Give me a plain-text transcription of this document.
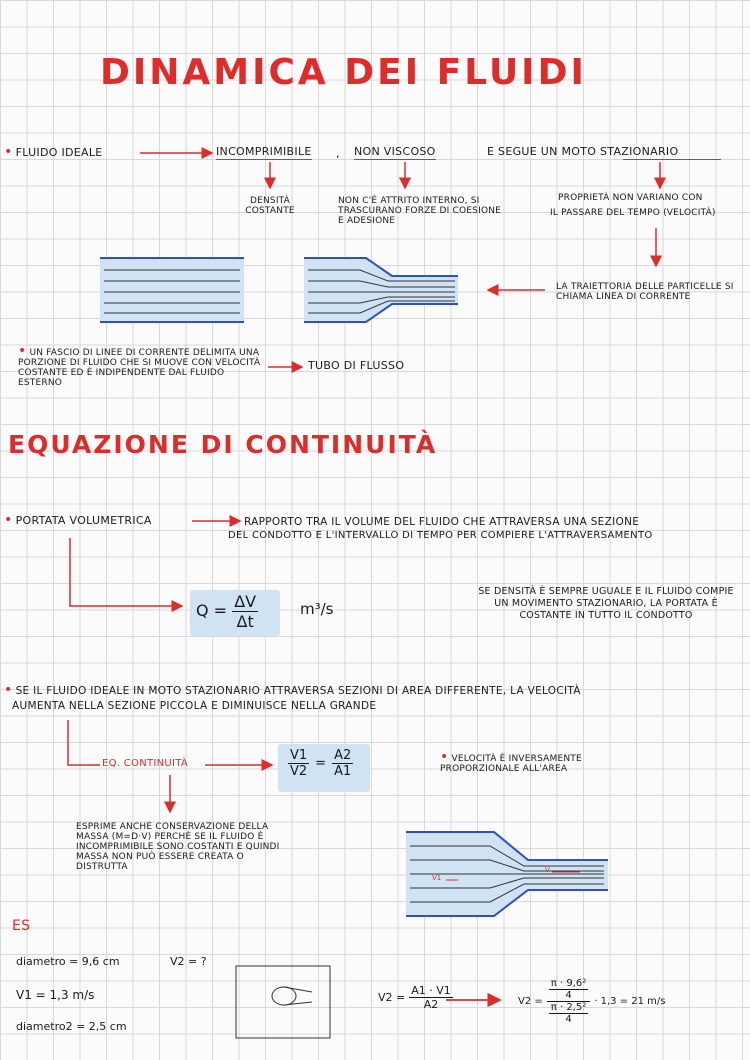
DINAMICA DEI FLUIDI
• FLUIDO IDEALE	INCOMPRIMIBILE , NON VISCOSO	E SEGUE UN MOTO STAZIONARIO
DENSITÀ COSTANTE
NON C'È ATTRITO INTERNO, SI TRASCURANO FORZE DI COESIONE E ADESIONE
PROPRIETÀ NON VARIANO CON
IL PASSARE DEL TEMPO (VELOCITÀ)
LA TRAIETTORIA DELLE PARTICELLE SI CHIAMA LINEA DI CORRENTE
• UN FASCIO DI LINEE DI CORRENTE DELIMITA UNA PORZIONE DI FLUIDO CHE SI MUOVE CON VELOCITÀ COSTANTE ED È INDIPENDENTE DAL FLUIDO ESTERNO
TUBO DI FLUSSO
EQUAZIONE DI CONTINUITÀ
• PORTATA VOLUMETRICA	RAPPORTO TRA IL VOLUME DEL FLUIDO CHE ATTRAVERSA UNA SEZIONE
DEL CONDOTTO E L'INTERVALLO DI TEMPO PER COMPIERE L'ATTRAVERSAMENTO
$Q = \frac{\Delta V}{\Delta t}$	m³/s
SE DENSITÀ È SEMPRE UGUALE E IL FLUIDO COMPIE UN MOVIMENTO STAZIONARIO, LA PORTATA È COSTANTE IN TUTTO IL CONDOTTO
• SE IL FLUIDO IDEALE IN MOTO STAZIONARIO ATTRAVERSA SEZIONI DI AREA DIFFERENTE, LA VELOCITÀ
AUMENTA NELLA SEZIONE PICCOLA E DIMINUISCE NELLA GRANDE
EQ. CONTINUITÀ	$\frac{V1}{V2} = \frac{A2}{A1}$
•	VELOCITÀ È INVERSAMENTE PROPORZIONALE ALL'AREA
ESPRIME ANCHE CONSERVAZIONE DELLA MASSA (M=D·V) PERCHÈ SE IL FLUIDO È INCOMPRIMIBILE SONO COSTANTI E QUINDI MASSA NON PUÒ ESSERE CREATA O DISTRUTTA
ES
diametro = 9,6 cm
V1 = 1,3 m/s
diametro2 = 2,5 cm
V2 = ?
$V2 = \frac{A1 \cdot V1}{A2}$	$V2 = \frac{\frac{\text{π · 9,6²}}{4}}{\frac{\text{π · 2,5²}}{4}} \cdot 1,3 = 21$ m/s
V1
V
